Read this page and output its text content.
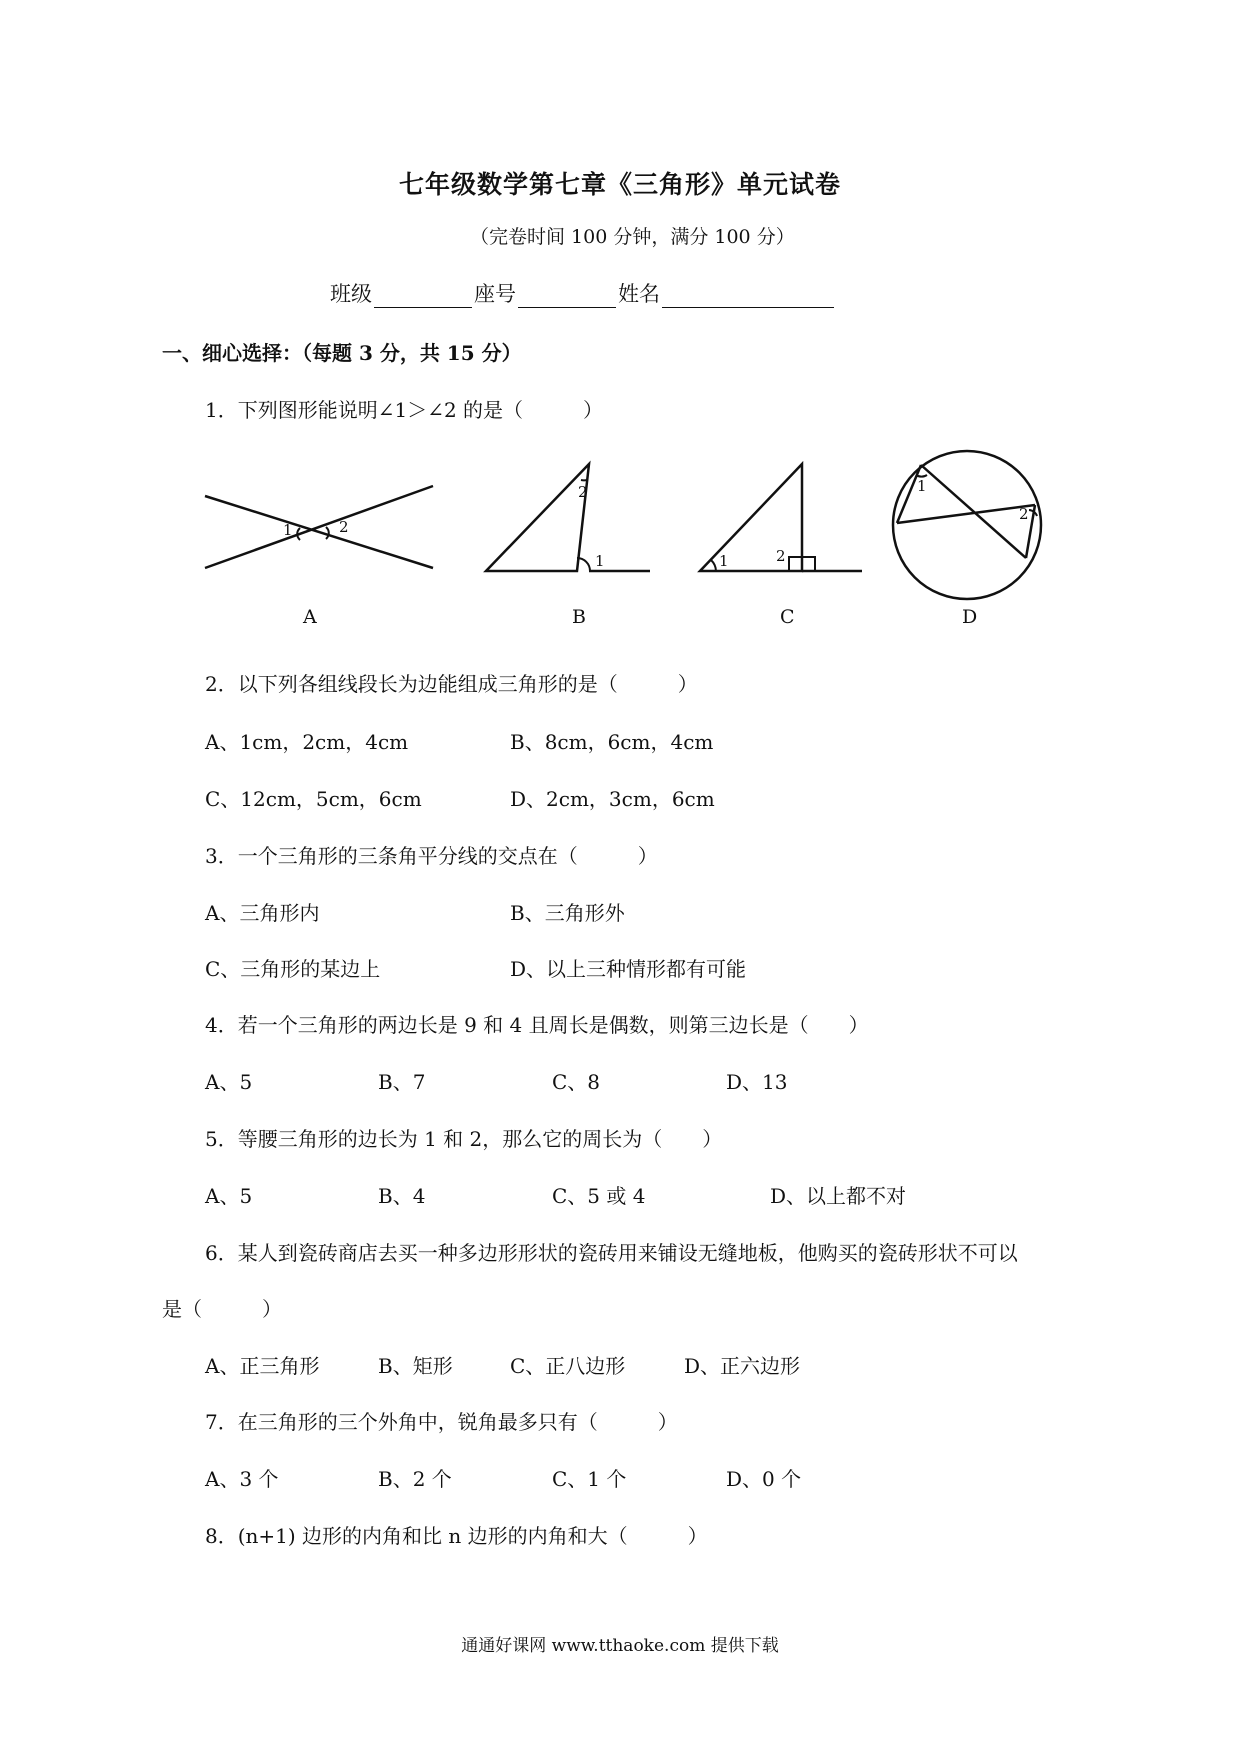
七年级数学第七章《三角形》单元试卷
（完卷时间 100 分钟，满分 100 分）
班级	座号	姓名
一、细心选择：（每题 3 分，共 15 分）
1．下列图形能说明∠1＞∠2 的是（　　　）
1	2
2
1	1	2
1
2
A	B	C	D
2．以下列各组线段长为边能组成三角形的是（　　　）
A、1cm，2cm，4cm	B、8cm，6cm，4cm
C、12cm，5cm，6cm	D、2cm，3cm，6cm
3．一个三角形的三条角平分线的交点在（　　　）
A、三角形内	B、三角形外
C、三角形的某边上	D、以上三种情形都有可能
4．若一个三角形的两边长是 9 和 4 且周长是偶数，则第三边长是（　　）
A、5	B、7	C、8	D、13
5．等腰三角形的边长为 1 和 2，那么它的周长为（　　）
A、5	B、4	C、5 或 4	D、以上都不对
6．某人到瓷砖商店去买一种多边形形状的瓷砖用来铺设无缝地板，他购买的瓷砖形状不可以
是（　　　）
A、正三角形	B、矩形	C、正八边形	D、正六边形
7．在三角形的三个外角中，锐角最多只有（　　　）
A、3 个	B、2 个	C、1 个	D、0 个
8．(n+1) 边形的内角和比 n 边形的内角和大（　　　）
通通好课网 www.tthaoke.com 提供下载
